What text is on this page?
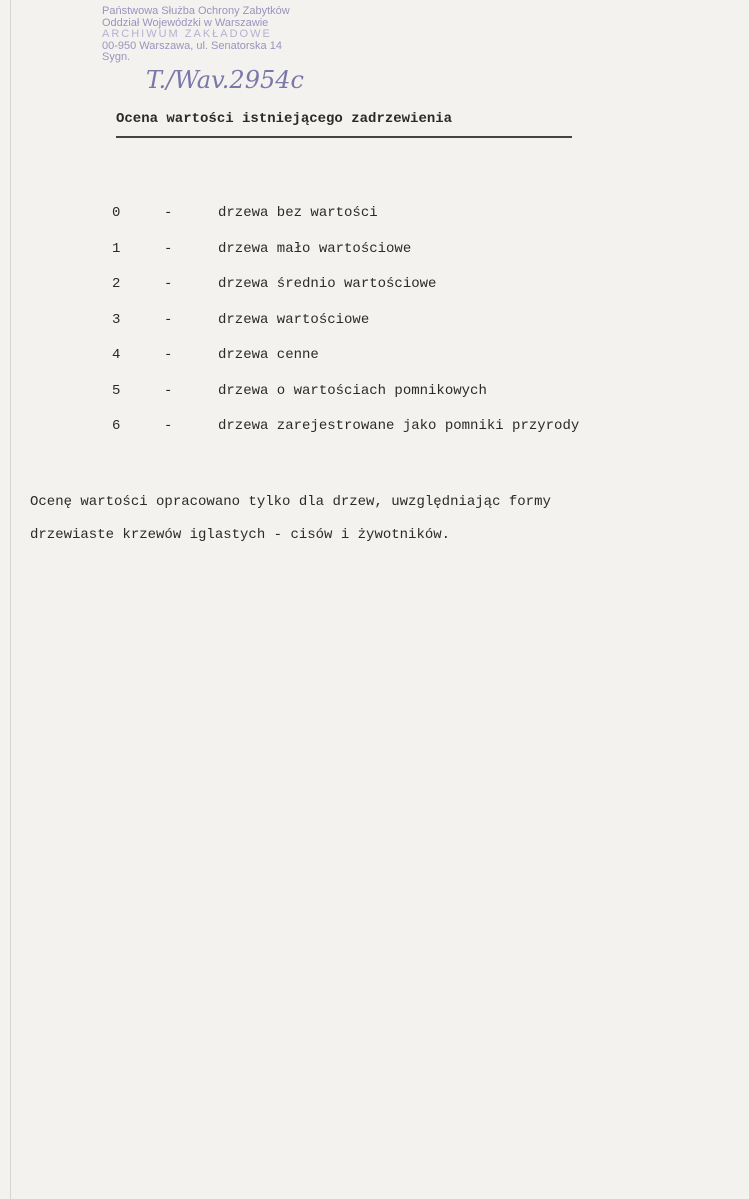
Państwowa Służba Ochrony Zabytków
Oddział Wojewódzki w Warszawie
ARCHIWUM ZAKŁADOWE
00-950 Warszawa, ul. Senatorska 14
Sygn.
T./Wav.2954c
Ocena wartości istniejącego zadrzewienia
0	-	drzewa bez wartości
1	-	drzewa mało wartościowe
2	-	drzewa średnio wartościowe
3	-	drzewa wartościowe
4	-	drzewa cenne
5	-	drzewa o wartościach pomnikowych
6	-	drzewa zarejestrowane jako pomniki przyrody
Ocenę wartości opracowano tylko dla drzew, uwzględniając formy
drzewiaste krzewów iglastych - cisów i żywotników.
